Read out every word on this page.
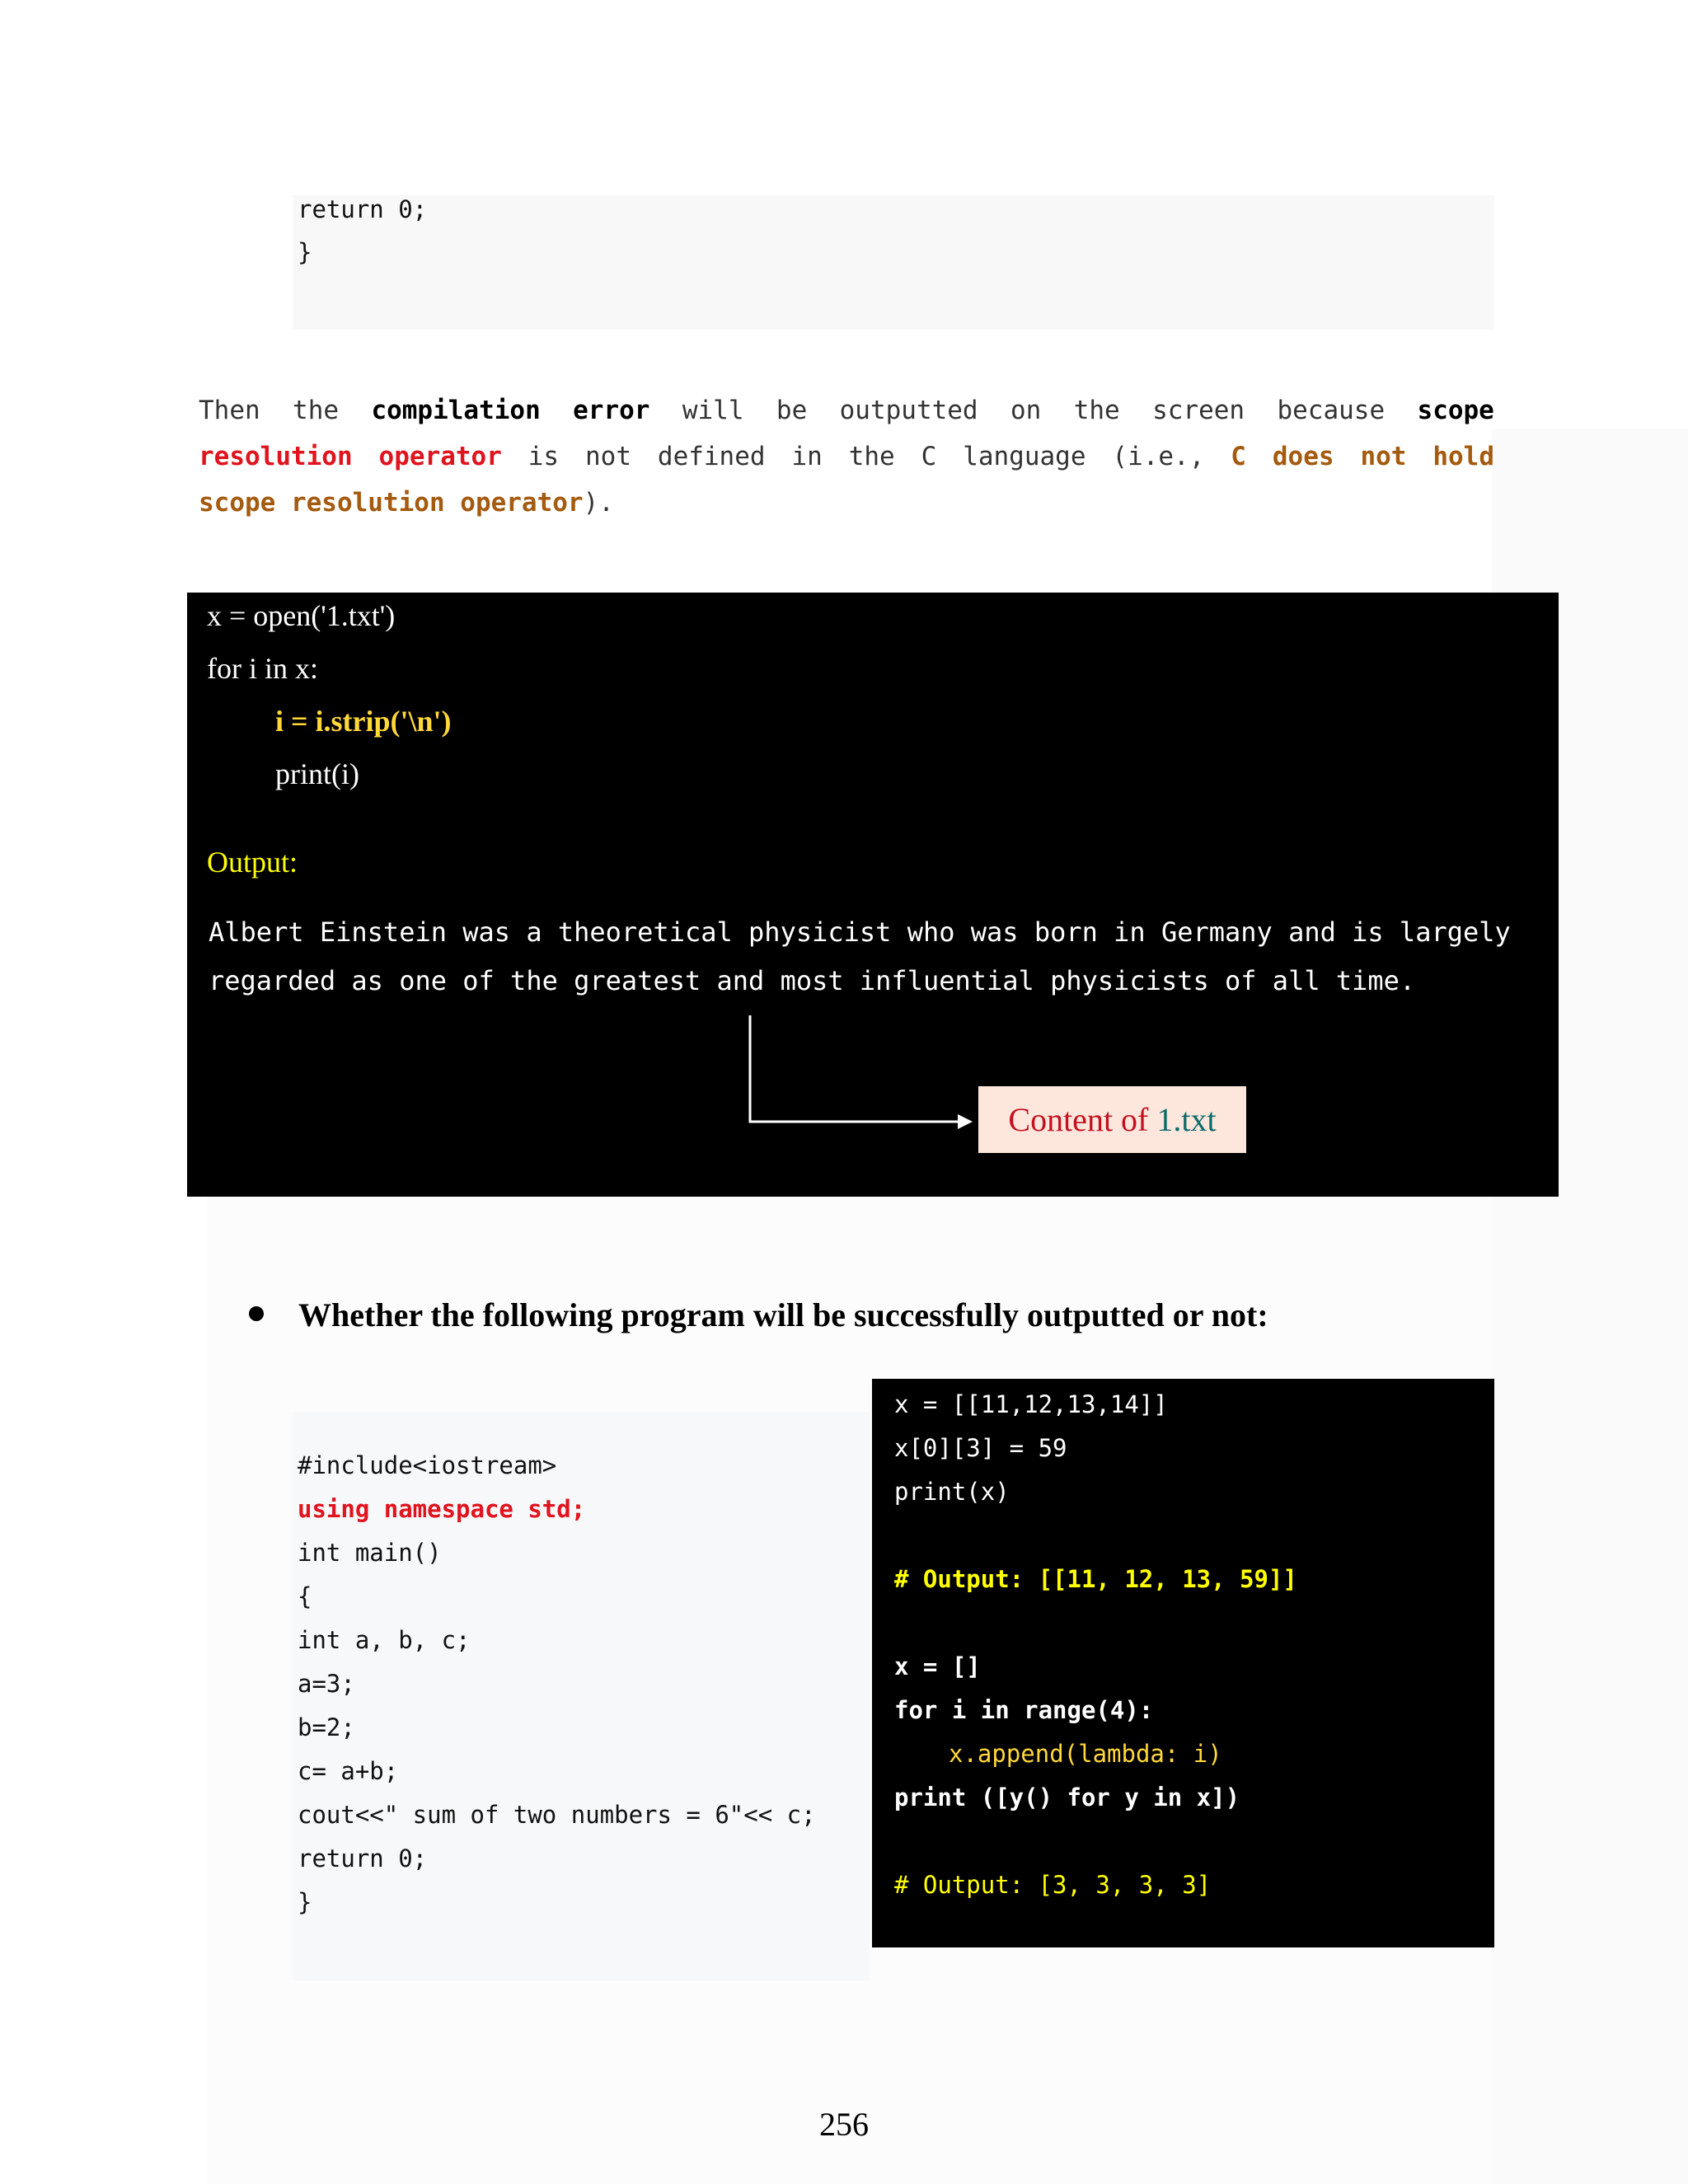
return 0;
}
Then the compilation error will be outputted on the screen because scope
resolution operator is not defined in the C language (i.e., C does not hold
scope resolution operator ).
x = open('1.txt')
for i in x:
i = i.strip('\n')
print(i)
Output:
Albert Einstein was a theoretical physicist who was born in Germany and is largely
regarded as one of the greatest and most influential physicists of all time.
Content of 1.txt
Whether the following program will be successfully outputted or not:
#include<iostream>
using namespace std;
int main()
{
int a, b, c;
a=3;
b=2;
c= a+b;
cout<<" sum of two numbers = 6"<< c;
return 0;
}
x = [[11,12,13,14]]
x[0][3] = 59
print(x)
# Output: [[11, 12, 13, 59]]
x = []
for i in range(4):
x.append(lambda: i)
print ([y() for y in x])
# Output: [3, 3, 3, 3]
256
